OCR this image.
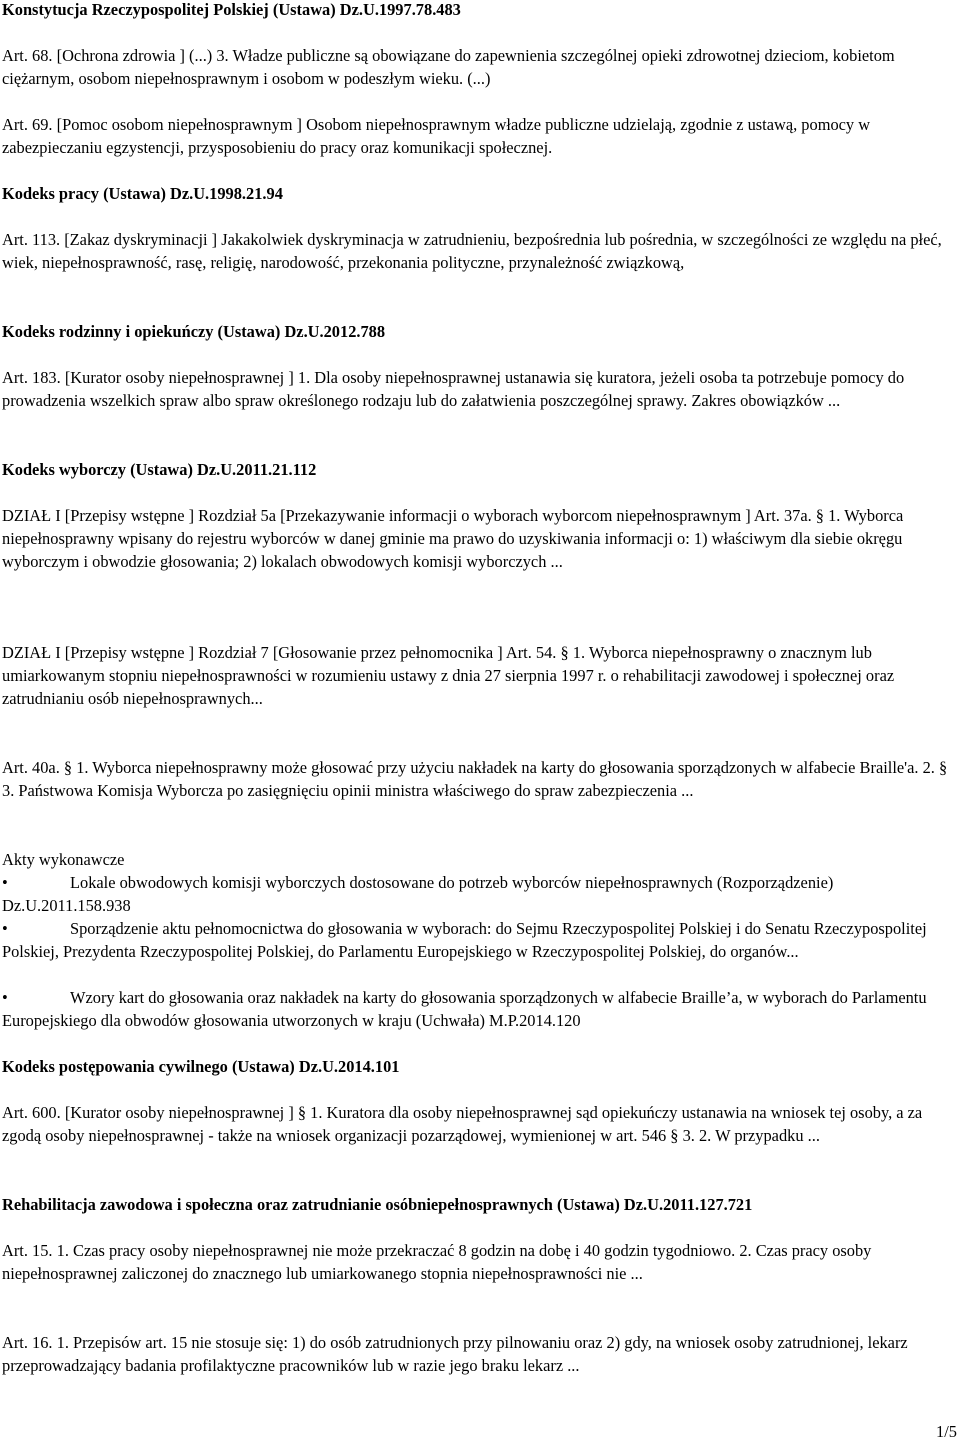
Konstytucja Rzeczypospolitej Polskiej (Ustawa) Dz.U.1997.78.483
Art. 68. [Ochrona zdrowia ] (...) 3. Władze publiczne są obowiązane do zapewnienia szczególnej opieki zdrowotnej dzieciom, kobietom ciężarnym, osobom niepełnosprawnym i osobom w podeszłym wieku. (...)
Art. 69. [Pomoc osobom niepełnosprawnym ] Osobom niepełnosprawnym władze publiczne udzielają, zgodnie z ustawą, pomocy w zabezpieczaniu egzystencji, przysposobieniu do pracy oraz komunikacji społecznej.
Kodeks pracy (Ustawa) Dz.U.1998.21.94
Art. 113. [Zakaz dyskryminacji ] Jakakolwiek dyskryminacja w zatrudnieniu, bezpośrednia lub pośrednia, w szczególności ze względu na płeć, wiek, niepełnosprawność, rasę, religię, narodowość, przekonania polityczne, przynależność związkową,
Kodeks rodzinny i opiekuńczy (Ustawa) Dz.U.2012.788
Art. 183. [Kurator osoby niepełnosprawnej ] 1. Dla osoby niepełnosprawnej ustanawia się kuratora, jeżeli osoba ta potrzebuje pomocy do prowadzenia wszelkich spraw albo spraw określonego rodzaju lub do załatwienia poszczególnej sprawy. Zakres obowiązków ...
Kodeks wyborczy (Ustawa) Dz.U.2011.21.112
DZIAŁ I [Przepisy wstępne ] Rozdział 5a [Przekazywanie informacji o wyborach wyborcom niepełnosprawnym ] Art. 37a. § 1. Wyborca niepełnosprawny wpisany do rejestru wyborców w danej gminie ma prawo do uzyskiwania informacji o: 1) właściwym dla siebie okręgu wyborczym i obwodzie głosowania; 2) lokalach obwodowych komisji wyborczych ...
DZIAŁ I [Przepisy wstępne ] Rozdział 7 [Głosowanie przez pełnomocnika ] Art. 54. § 1. Wyborca niepełnosprawny o znacznym lub umiarkowanym stopniu niepełnosprawności w rozumieniu ustawy z dnia 27 sierpnia 1997 r. o rehabilitacji zawodowej i społecznej oraz zatrudnianiu osób niepełnosprawnych...
Art. 40a. § 1. Wyborca niepełnosprawny może głosować przy użyciu nakładek na karty do głosowania sporządzonych w alfabecie Braille'a. 2. § 3. Państwowa Komisja Wyborcza po zasięgnięciu opinii ministra właściwego do spraw zabezpieczenia ...
Akty wykonawcze
•	Lokale obwodowych komisji wyborczych dostosowane do potrzeb wyborców niepełnosprawnych (Rozporządzenie) Dz.U.2011.158.938
•	Sporządzenie aktu pełnomocnictwa do głosowania w wyborach: do Sejmu Rzeczypospolitej Polskiej i do Senatu Rzeczypospolitej Polskiej, Prezydenta Rzeczypospolitej Polskiej, do Parlamentu Europejskiego w Rzeczypospolitej Polskiej, do organów...
•	Wzory kart do głosowania oraz nakładek na karty do głosowania sporządzonych w alfabecie Braille’a, w wyborach do Parlamentu Europejskiego dla obwodów głosowania utworzonych w kraju (Uchwała) M.P.2014.120
Kodeks postępowania cywilnego (Ustawa) Dz.U.2014.101
Art. 600. [Kurator osoby niepełnosprawnej ] § 1. Kuratora dla osoby niepełnosprawnej sąd opiekuńczy ustanawia na wniosek tej osoby, a za zgodą osoby niepełnosprawnej - także na wniosek organizacji pozarządowej, wymienionej w art. 546 § 3. 2. W przypadku ...
Rehabilitacja zawodowa i społeczna oraz zatrudnianie osóbniepełnosprawnych (Ustawa) Dz.U.2011.127.721
Art. 15. 1. Czas pracy osoby niepełnosprawnej nie może przekraczać 8 godzin na dobę i 40 godzin tygodniowo. 2. Czas pracy osoby niepełnosprawnej zaliczonej do znacznego lub umiarkowanego stopnia niepełnosprawności nie ...
Art. 16. 1. Przepisów art. 15 nie stosuje się: 1) do osób zatrudnionych przy pilnowaniu oraz 2) gdy, na wniosek osoby zatrudnionej, lekarz przeprowadzający badania profilaktyczne pracowników lub w razie jego braku lekarz ...
1/5
